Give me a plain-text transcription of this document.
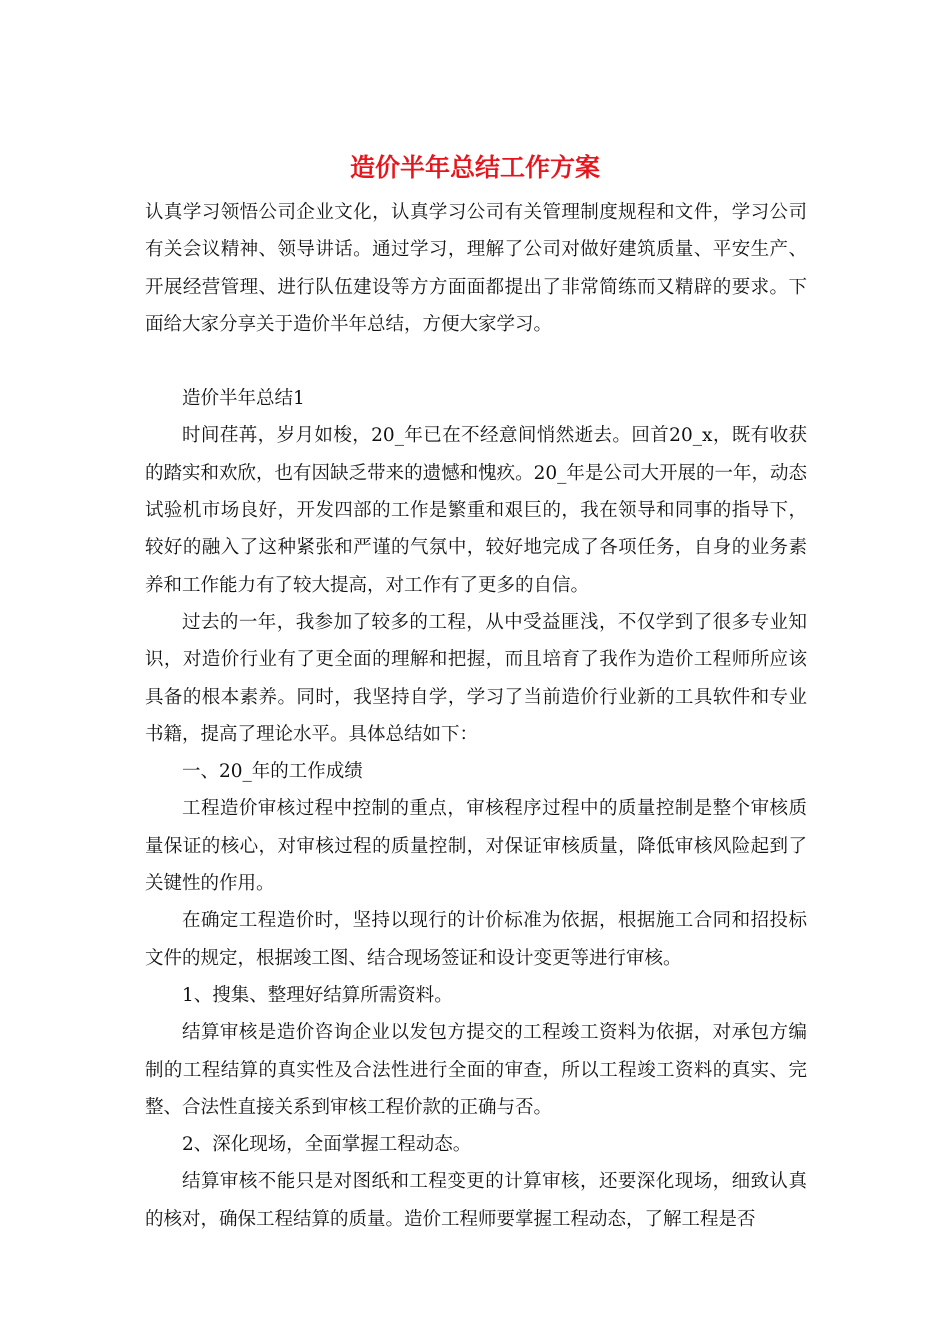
造价半年总结工作方案

认真学习领悟公司企业文化，认真学习公司有关管理制度规程和文件，学习公司有关会议精神、领导讲话。通过学习，理解了公司对做好建筑质量、平安生产、开展经营管理、进行队伍建设等方方面面都提出了非常简练而又精辟的要求。下面给大家分享关于造价半年总结，方便大家学习。

造价半年总结1

时间荏苒，岁月如梭，20_年已在不经意间悄然逝去。回首20_x，既有收获的踏实和欢欣，也有因缺乏带来的遗憾和愧疚。20_年是公司大开展的一年，动态试验机市场良好，开发四部的工作是繁重和艰巨的，我在领导和同事的指导下，较好的融入了这种紧张和严谨的气氛中，较好地完成了各项任务，自身的业务素养和工作能力有了较大提高，对工作有了更多的自信。

过去的一年，我参加了较多的工程，从中受益匪浅，不仅学到了很多专业知识，对造价行业有了更全面的理解和把握，而且培育了我作为造价工程师所应该具备的根本素养。同时，我坚持自学，学习了当前造价行业新的工具软件和专业书籍，提高了理论水平。具体总结如下：

一、20_年的工作成绩

工程造价审核过程中控制的重点，审核程序过程中的质量控制是整个审核质量保证的核心，对审核过程的质量控制，对保证审核质量，降低审核风险起到了关键性的作用。

在确定工程造价时，坚持以现行的计价标准为依据，根据施工合同和招投标文件的规定，根据竣工图、结合现场签证和设计变更等进行审核。

1、搜集、整理好结算所需资料。

结算审核是造价咨询企业以发包方提交的工程竣工资料为依据，对承包方编制的工程结算的真实性及合法性进行全面的审查，所以工程竣工资料的真实、完整、合法性直接关系到审核工程价款的正确与否。

2、深化现场，全面掌握工程动态。

结算审核不能只是对图纸和工程变更的计算审核，还要深化现场，细致认真的核对，确保工程结算的质量。造价工程师要掌握工程动态，了解工程是否
